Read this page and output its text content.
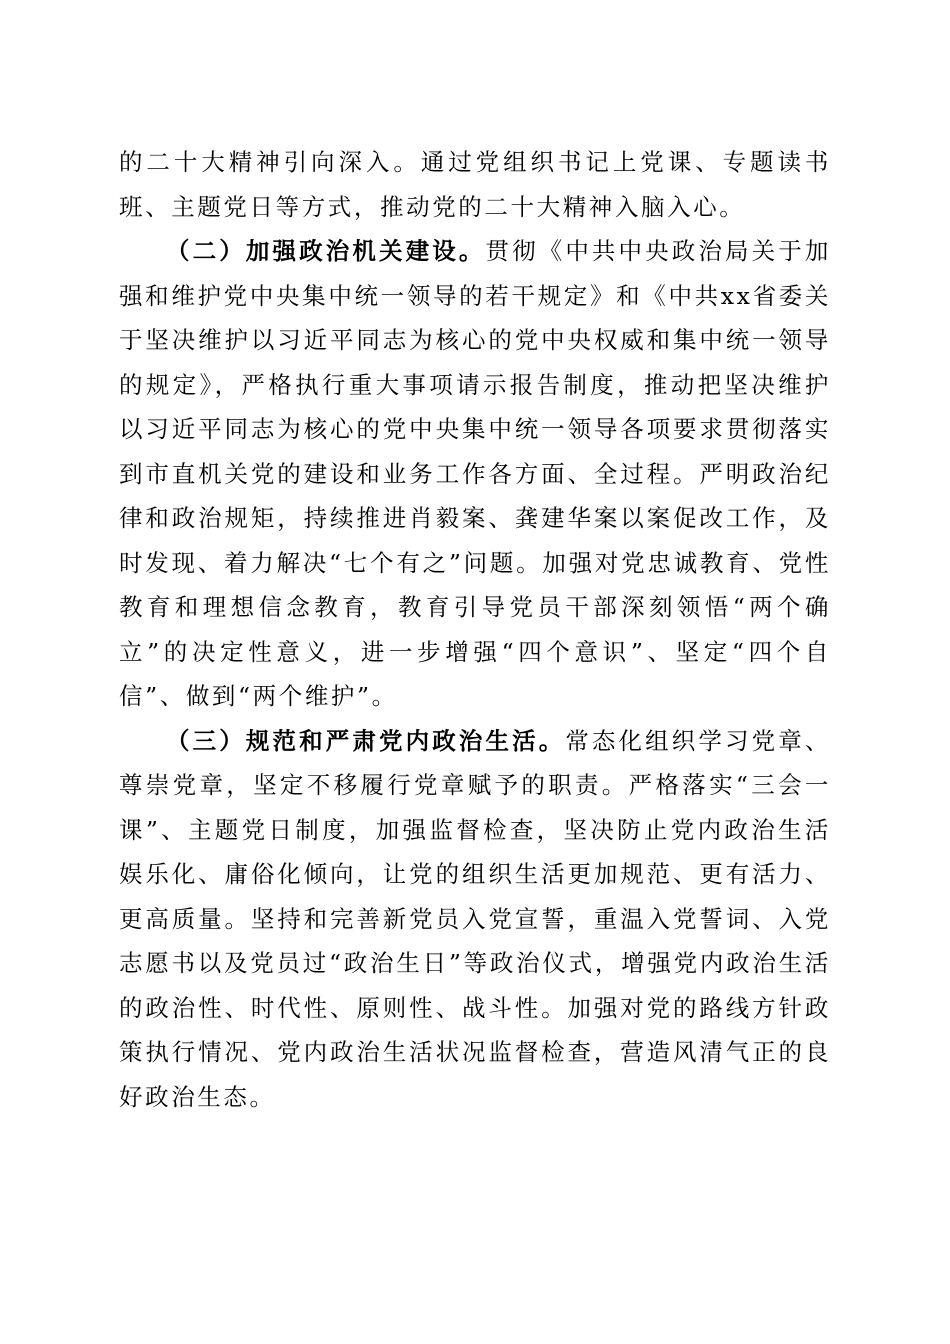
的二十大精神引向深入。通过党组织书记上党课、专题读书班、主题党日等方式，推动党的二十大精神入脑入心。

（二）加强政治机关建设。贯彻《中共中央政治局关于加强和维护党中央集中统一领导的若干规定》和《中共xx省委关于坚决维护以习近平同志为核心的党中央权威和集中统一领导的规定》，严格执行重大事项请示报告制度，推动把坚决维护以习近平同志为核心的党中央集中统一领导各项要求贯彻落实到市直机关党的建设和业务工作各方面、全过程。严明政治纪律和政治规矩，持续推进肖毅案、龚建华案以案促改工作，及时发现、着力解决“七个有之”问题。加强对党忠诚教育、党性教育和理想信念教育，教育引导党员干部深刻领悟“两个确立”的决定性意义，进一步增强“四个意识”、坚定“四个自信”、做到“两个维护”。

（三）规范和严肃党内政治生活。常态化组织学习党章、尊崇党章，坚定不移履行党章赋予的职责。严格落实“三会一课”、主题党日制度，加强监督检查，坚决防止党内政治生活娱乐化、庸俗化倾向，让党的组织生活更加规范、更有活力、更高质量。坚持和完善新党员入党宣誓，重温入党誓词、入党志愿书以及党员过“政治生日”等政治仪式，增强党内政治生活的政治性、时代性、原则性、战斗性。加强对党的路线方针政策执行情况、党内政治生活状况监督检查，营造风清气正的良好政治生态。
